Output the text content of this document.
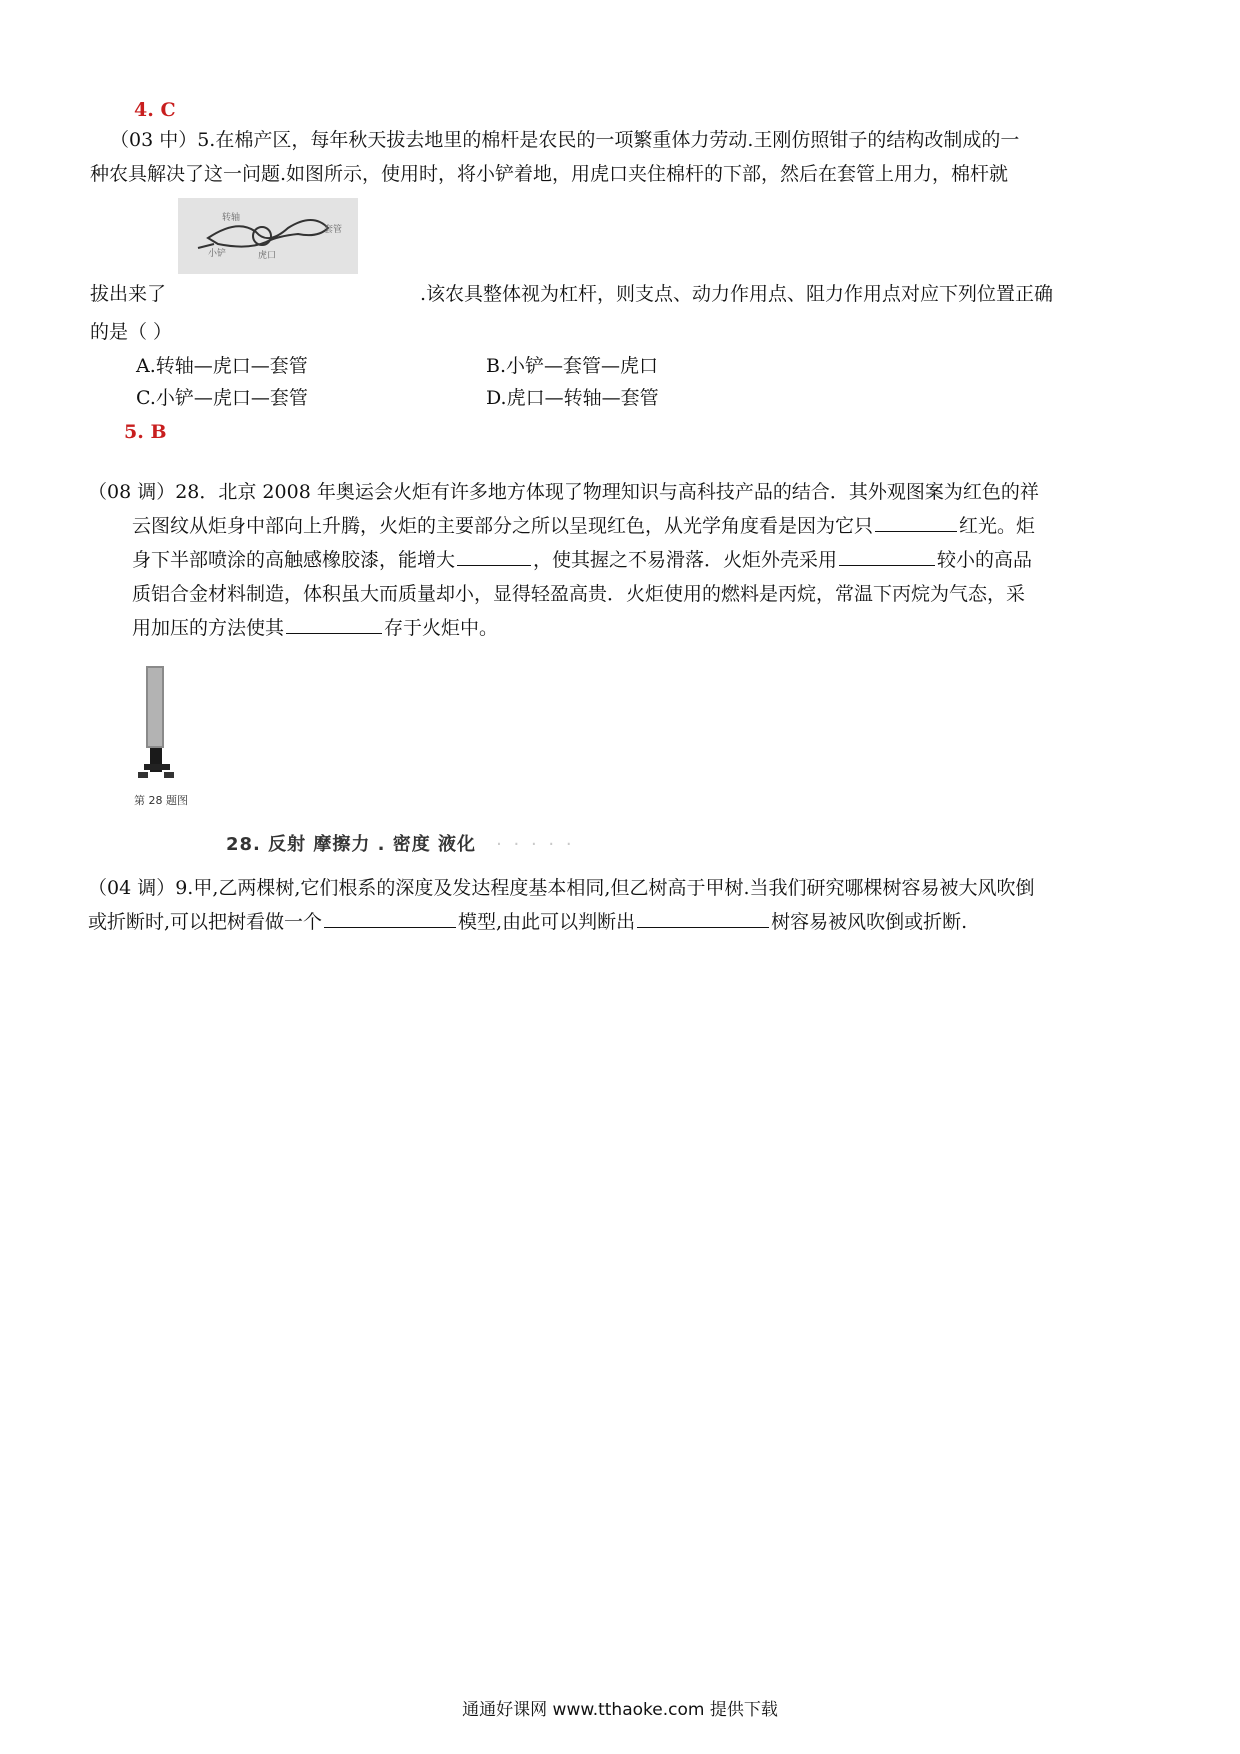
4. C
（03 中）5.在棉产区，每年秋天拔去地里的棉杆是农民的一项繁重体力劳动.王刚仿照钳子的结构改制成的一
种农具解决了这一问题.如图所示，使用时，将小铲着地，用虎口夹住棉杆的下部，然后在套管上用力，棉杆就
转轴
套管
小铲	虎口
拔出来了	.该农具整体视为杠杆，则支点、动力作用点、阻力作用点对应下列位置正确
的是（ ）
A.转轴—虎口—套管	B.小铲—套管—虎口
C.小铲—虎口—套管	D.虎口—转轴—套管
5. B
（08 调）28．北京 2008 年奥运会火炬有许多地方体现了物理知识与高科技产品的结合．其外观图案为红色的祥
云图纹从炬身中部向上升腾，火炬的主要部分之所以呈现红色，从光学角度看是因为它只	红光。炬
身下半部喷涂的高触感橡胶漆，能增大	，使其握之不易滑落．火炬外壳采用	较小的高品
质铝合金材料制造，体积虽大而质量却小，显得轻盈高贵．火炬使用的燃料是丙烷，常温下丙烷为气态，采
用加压的方法使其	存于火炬中。
第 28 题图
28. 反射 摩擦力 . 密度 液化 · · · · ·
（04 调）9.甲,乙两棵树,它们根系的深度及发达程度基本相同,但乙树高于甲树.当我们研究哪棵树容易被大风吹倒
或折断时,可以把树看做一个	模型,由此可以判断出	树容易被风吹倒或折断.
通通好课网 www.tthaoke.com 提供下载
